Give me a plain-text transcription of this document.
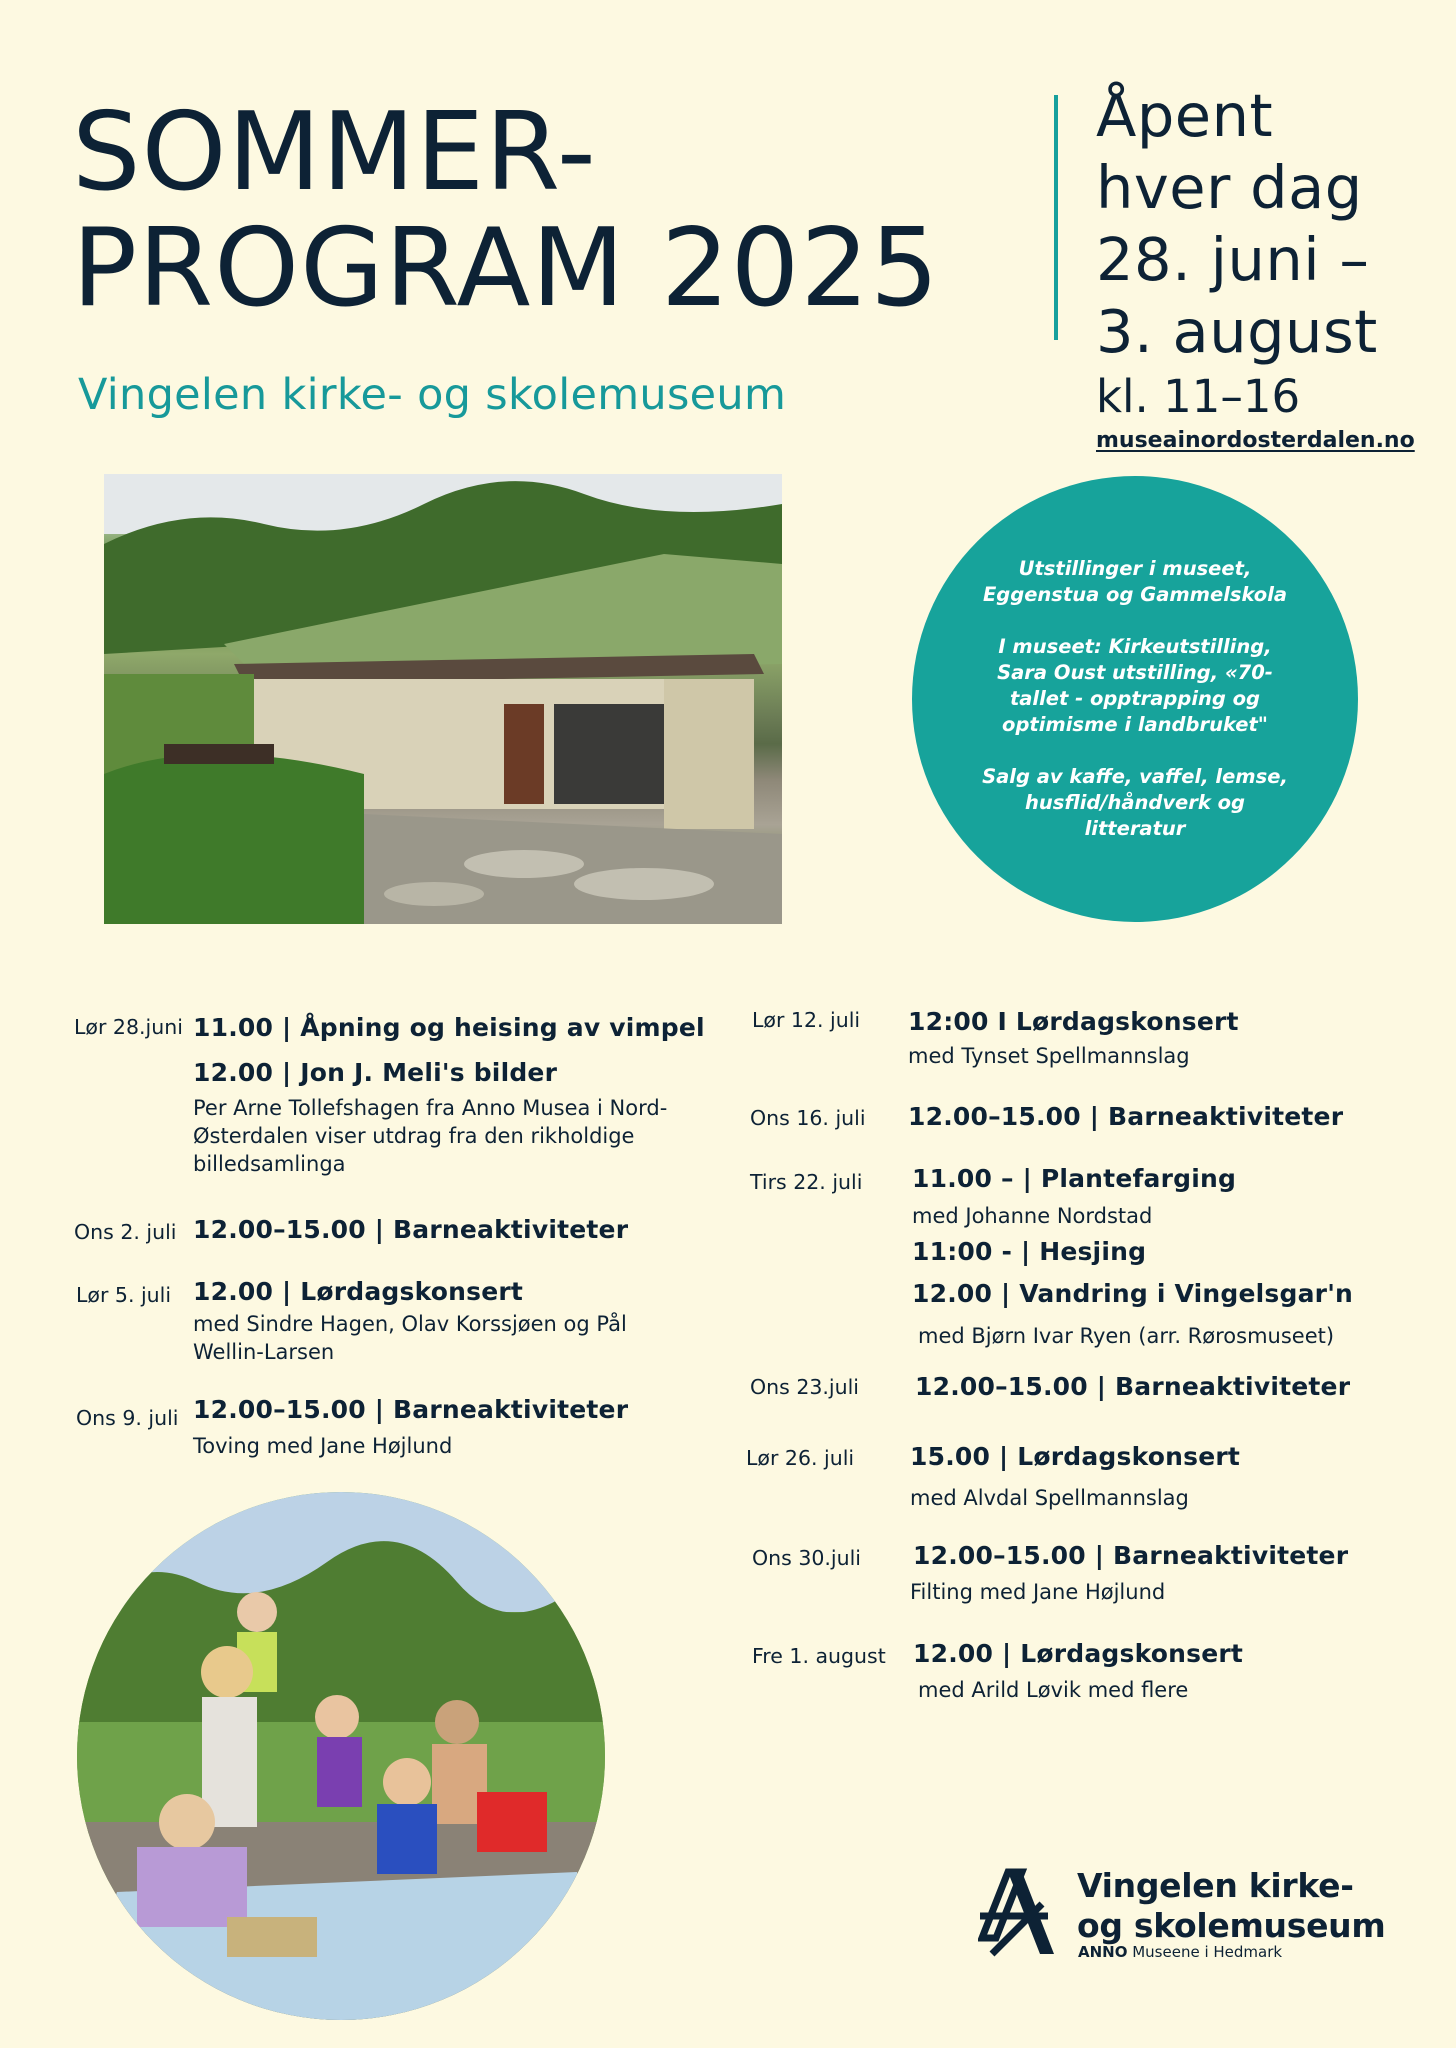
SOMMER-
PROGRAM 2025
Vingelen kirke- og skolemuseum
Åpent
hver dag
28. juni –
3. august
kl. 11–16
museainordosterdalen.no

Utstillinger i museet, Eggenstua og Gammelskola

I museet: Kirkeutstilling, Sara Oust utstilling, «70-tallet - opptrapping og optimisme i landbruket"

Salg av kaffe, vaffel, lemse, husflid/håndverk og litteratur

Lør 28.juni 11.00 | Åpning og heising av vimpel
12.00 | Jon J. Meli's bilder
Per Arne Tollefshagen fra Anno Musea i Nord-Østerdalen viser utdrag fra den rikholdige billedsamlinga
Ons 2. juli 12.00–15.00 | Barneaktiviteter
Lør 5. juli 12.00 | Lørdagskonsert
med Sindre Hagen, Olav Korssjøen og Pål Wellin-Larsen
Ons 9. juli 12.00–15.00 | Barneaktiviteter
Toving med Jane Højlund
Lør 12. juli 12:00 I Lørdagskonsert
med Tynset Spellmannslag
Ons 16. juli 12.00–15.00 | Barneaktiviteter
Tirs 22. juli 11.00 – | Plantefarging
med Johanne Nordstad
11:00 - | Hesjing
12.00 | Vandring i Vingelsgar'n
med Bjørn Ivar Ryen (arr. Rørosmuseet)
Ons 23.juli 12.00–15.00 | Barneaktiviteter
Lør 26. juli 15.00 | Lørdagskonsert
med Alvdal Spellmannslag
Ons 30.juli 12.00–15.00 | Barneaktiviteter
Filting med Jane Højlund
Fre 1. august 12.00 | Lørdagskonsert
med Arild Løvik med flere
Vingelen kirke-
og skolemuseum
ANNO Museene i Hedmark
